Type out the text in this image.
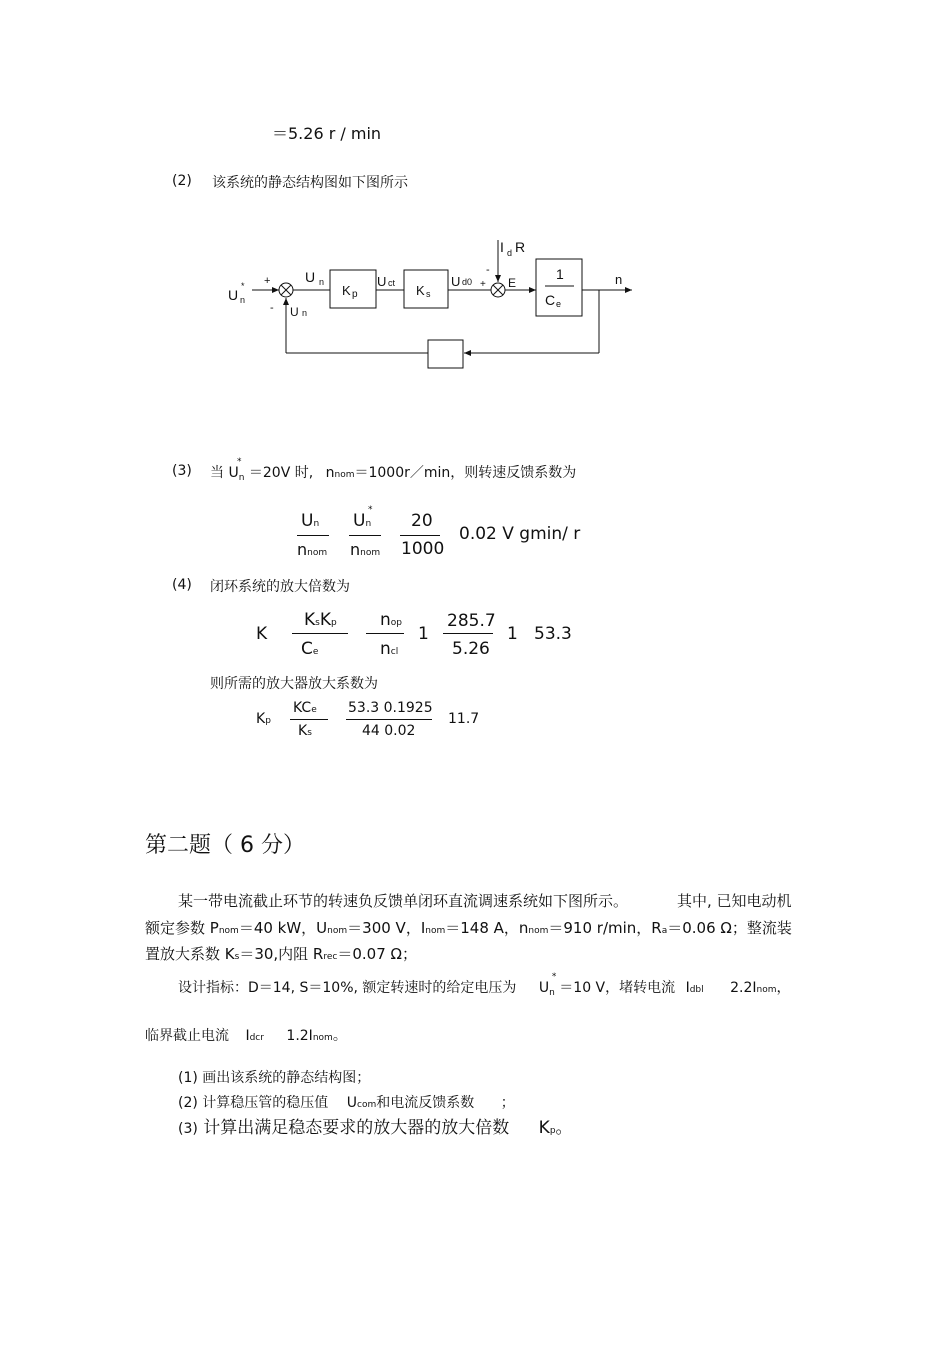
＝5.26 r / min
(2) 该系统的静态结构图如下图所示
U n
* +
-
U n
U n
K p
U ct K s
U d0 +
-
I d R
E
1
C e
n
(3) 当 $U_n$
*
＝20V 时, nnom＝1000r／min，则转速反馈系数为
Un
nnom
Un
*
nnom
20
1000
0.02 V gmin/ r
(4) 闭环系统的放大倍数为
K
KsKp
Ce
nop
ncl
1
285.7
5.26
1 53.3
则所需的放大器放大系数为
Kp
KCe
Ks
53.3 0.1925
44 0.02
11.7
第二题（ 6 分）
某一带电流截止环节的转速负反馈单闭环直流调速系统如下图所示。	其中, 已知电动机
额定参数 Pnom＝40 kW，Unom＝300 V，Inom＝148 A，nnom＝910 r/min，Ra＝0.06 Ω；整流装
置放大系数 Ks＝30,内阻 Rrec＝0.07 Ω；
设计指标：D＝14, S＝10%, 额定转速时的给定电压为 $U_n$
*
＝10 V，堵转电流 Idbl 2.2Inom，
临界截止电流 Idcr 1.2Inom。
(1) 画出该系统的静态结构图；
(2) 计算稳压管的稳压值 Ucom和电流反馈系数 ；
(3) 计算出满足稳态要求的放大器的放大倍数 Kp。
